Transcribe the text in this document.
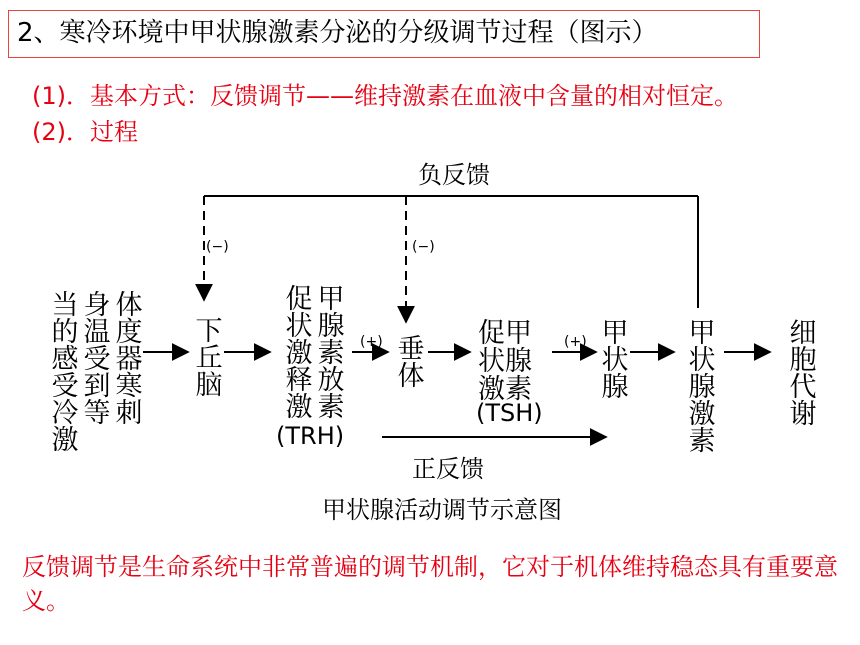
2、寒冷环境中甲状腺激素分泌的分级调节过程（图示）
(1)．基本方式：反馈调节——维持激素在血液中含量的相对恒定。
(2)．过程
负反馈
(−)	(−)
当的感受冷激 身温受到等 体度器寒刺 下丘脑 促状激释激 甲腺素放素
(TRH)
(+) 垂体
促甲
状腺
激素
(TSH)
(+) 甲状腺 甲状腺激素	细胞代谢
正反馈
甲状腺活动调节示意图
反馈调节是生命系统中非常普遍的调节机制，它对于机体维持稳态具有重要意义。
